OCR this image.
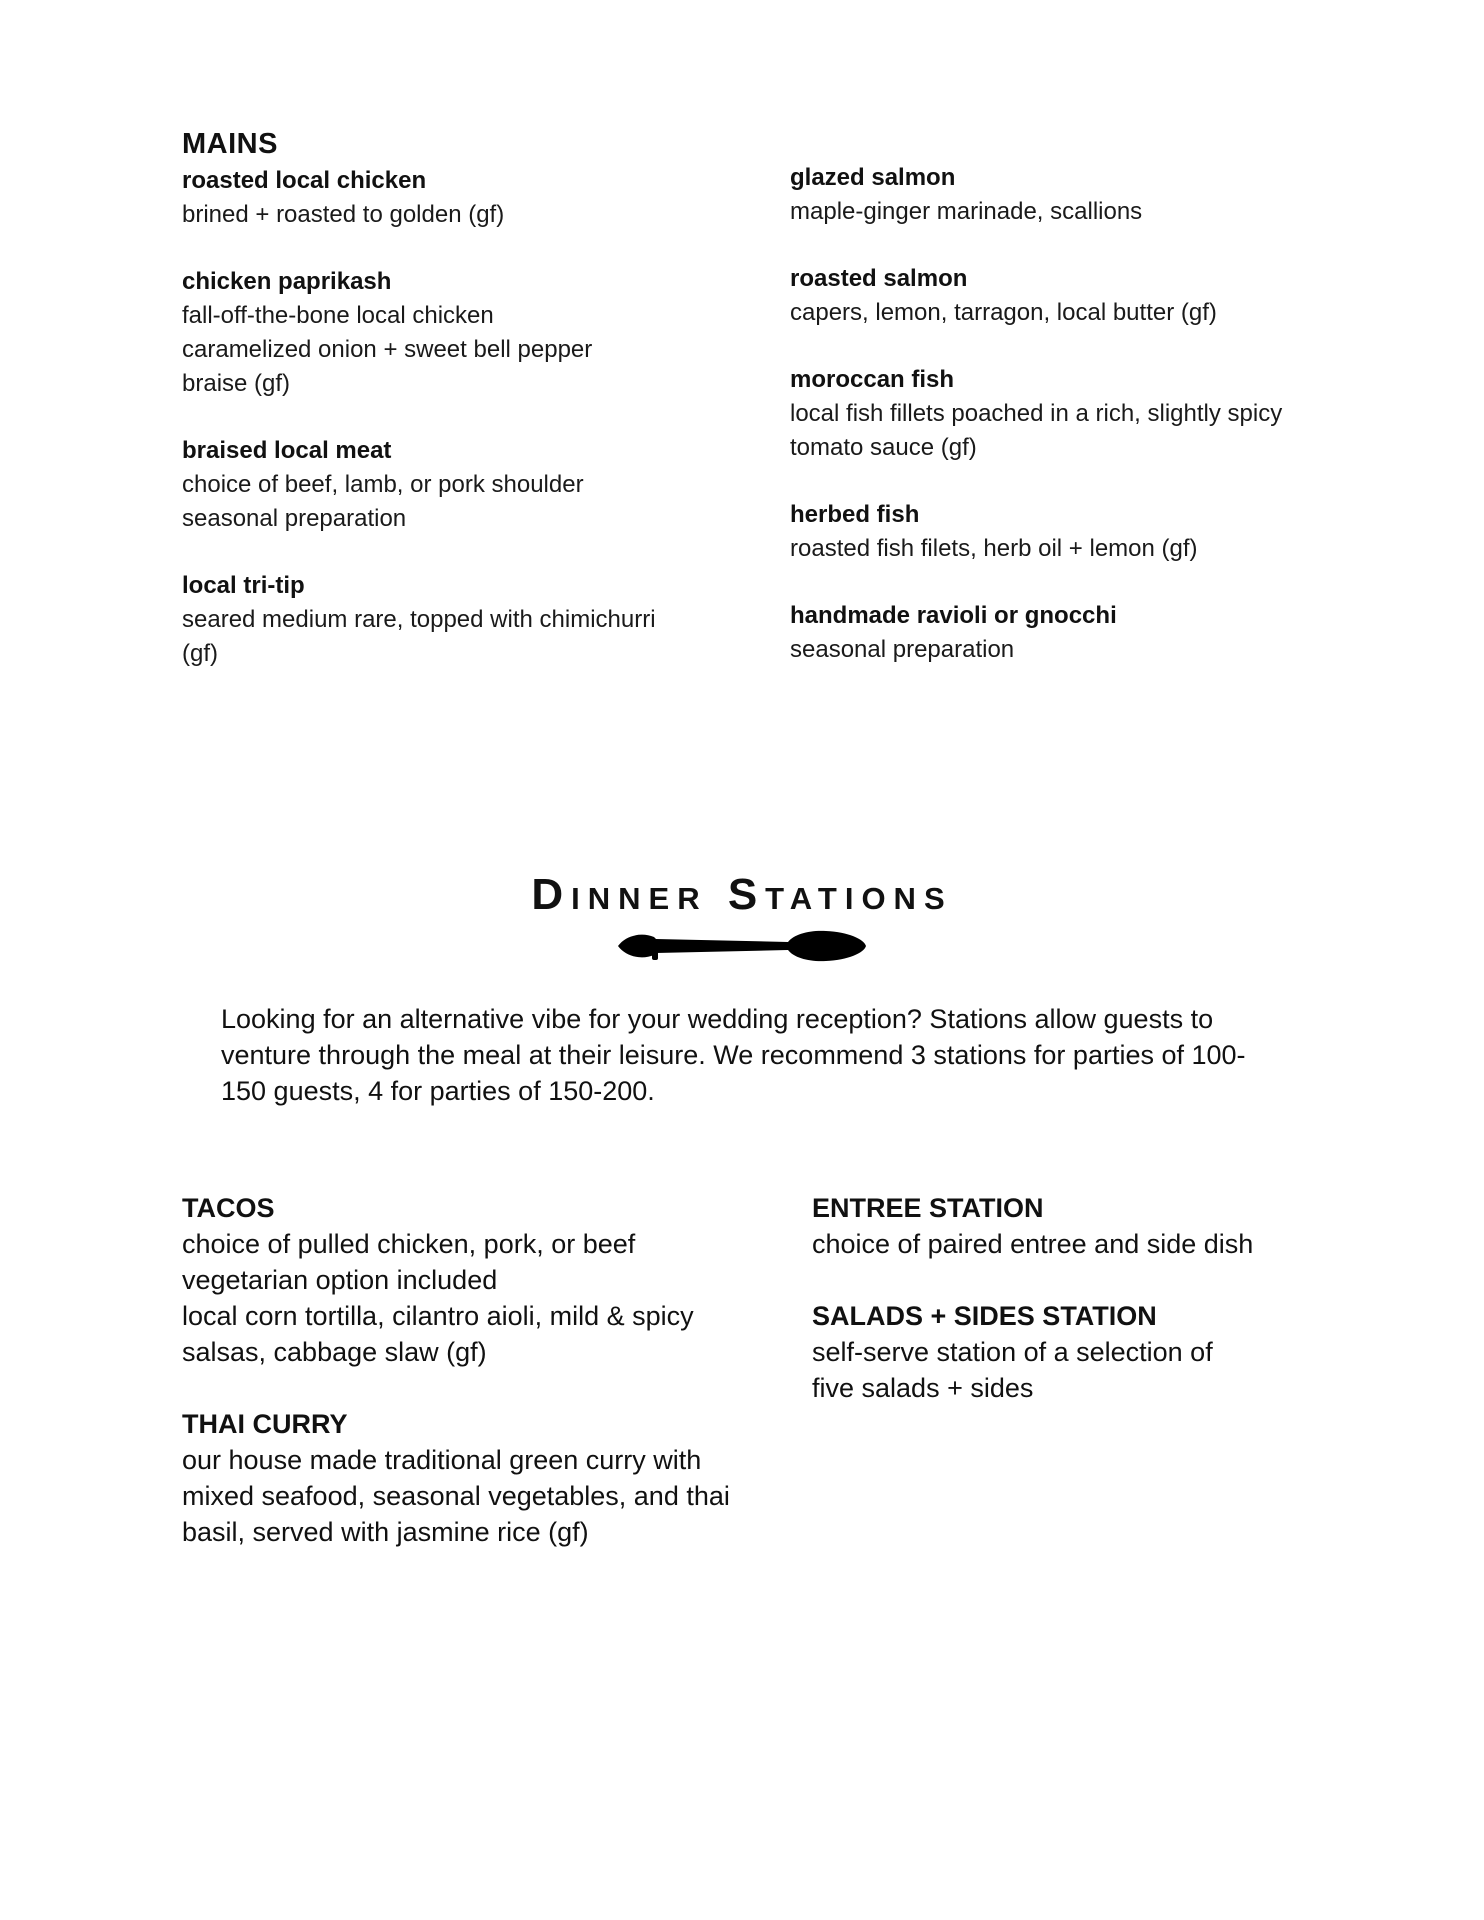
MAINS

roasted local chicken

brined + roasted to golden (gf)

chicken paprikash

fall-off-the-bone local chicken
caramelized onion + sweet bell pepper
braise (gf)

braised local meat

choice of beef, lamb, or pork shoulder
seasonal preparation

local tri-tip

seared medium rare, topped with chimichurri
(gf)

glazed salmon

maple-ginger marinade, scallions

roasted salmon

capers, lemon, tarragon, local butter (gf)

moroccan fish

local fish fillets poached in a rich, slightly spicy
tomato sauce (gf)

herbed fish

roasted fish filets, herb oil + lemon (gf)

handmade ravioli or gnocchi

seasonal preparation

Dinner Stations

Looking for an alternative vibe for your wedding reception? Stations allow guests to venture through the meal at their leisure. We recommend 3 stations for parties of 100-150 guests, 4 for parties of 150-200.

TACOS

choice of pulled chicken, pork, or beef
vegetarian option included
local corn tortilla, cilantro aioli, mild & spicy
salsas, cabbage slaw (gf)

THAI CURRY

our house made traditional green curry with
mixed seafood, seasonal vegetables, and thai
basil, served with jasmine rice (gf)

ENTREE STATION

choice of paired entree and side dish

SALADS + SIDES STATION

self-serve station of a selection of
five salads + sides
